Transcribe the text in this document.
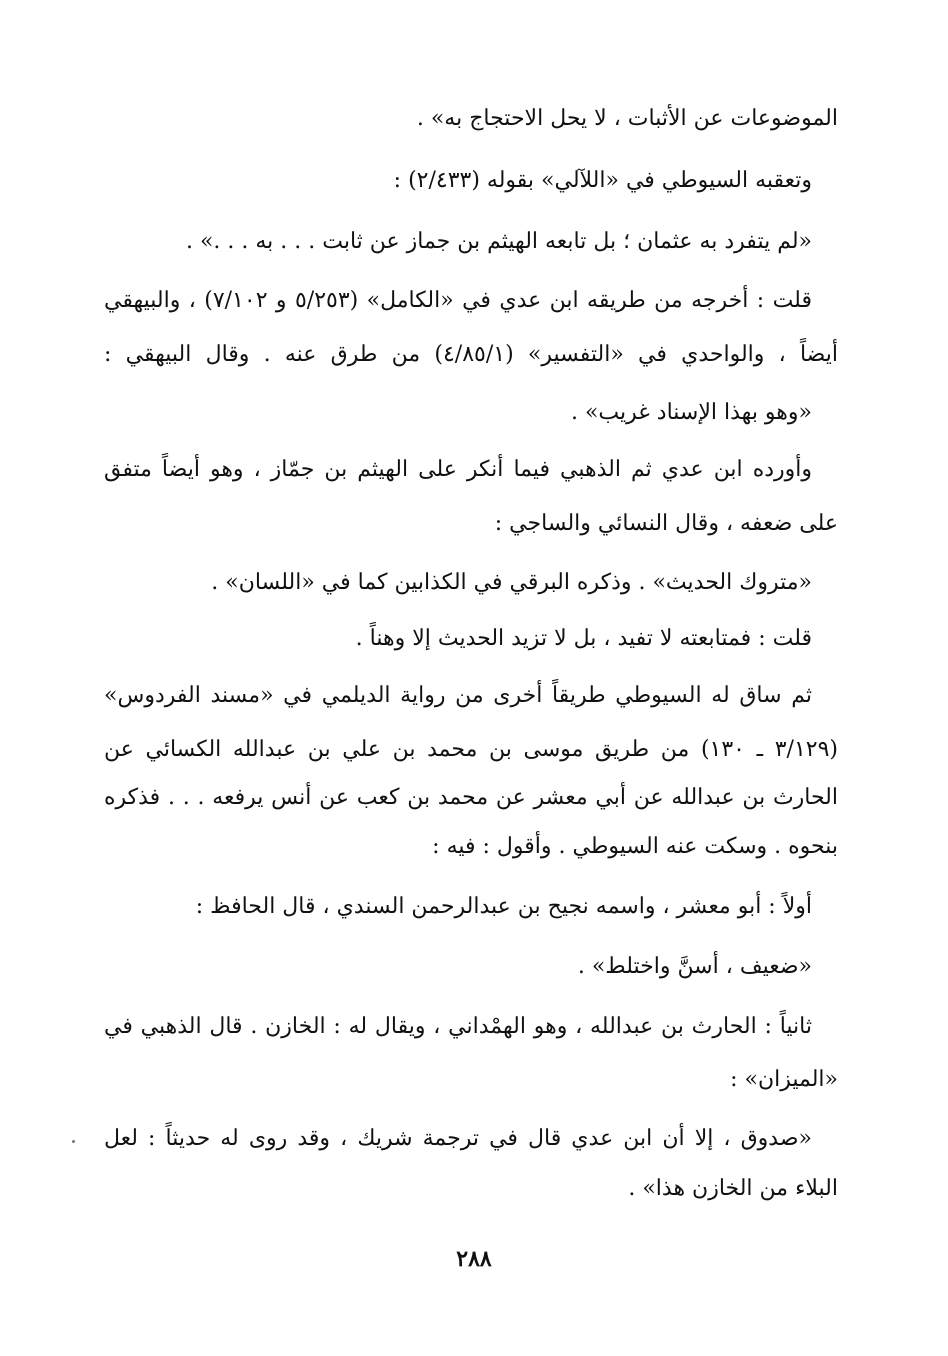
الموضوعات عن الأثبات ، لا يحل الاحتجاج به» .
وتعقبه السيوطي في «اللآلي» بقوله (٢/٤٣٣) :
«لم يتفرد به عثمان ؛ بل تابعه الهيثم بن جماز عن ثابت . . . به . . .» .
قلت : أخرجه من طريقه ابن عدي في «الكامل» (٥/٢٥٣ و ٧/١٠٢) ، والبيهقي
أيضاً ، والواحدي في «التفسير» (٤/٨٥/١) من طرق عنه . وقال البيهقي :
«وهو بهذا الإسناد غريب» .
وأورده ابن عدي ثم الذهبي فيما أنكر على الهيثم بن جمّاز ، وهو أيضاً متفق
على ضعفه ، وقال النسائي والساجي :
«متروك الحديث» . وذكره البرقي في الكذابين كما في «اللسان» .
قلت : فمتابعته لا تفيد ، بل لا تزيد الحديث إلا وهناً .
ثم ساق له السيوطي طريقاً أخرى من رواية الديلمي في «مسند الفردوس»
(٣/١٢٩ ـ ١٣٠) من طريق موسى بن محمد بن علي بن عبدالله الكسائي عن
الحارث بن عبدالله عن أبي معشر عن محمد بن كعب عن أنس يرفعه . . . فذكره
بنحوه . وسكت عنه السيوطي . وأقول : فيه :
أولاً : أبو معشر ، واسمه نجيح بن عبدالرحمن السندي ، قال الحافظ :
«ضعيف ، أسنَّ واختلط» .
ثانياً : الحارث بن عبدالله ، وهو الهمْداني ، ويقال له : الخازن . قال الذهبي في
«الميزان» :
«صدوق ، إلا أن ابن عدي قال في ترجمة شريك ، وقد روى له حديثاً : لعل
البلاء من الخازن هذا» .
٢٨٨
